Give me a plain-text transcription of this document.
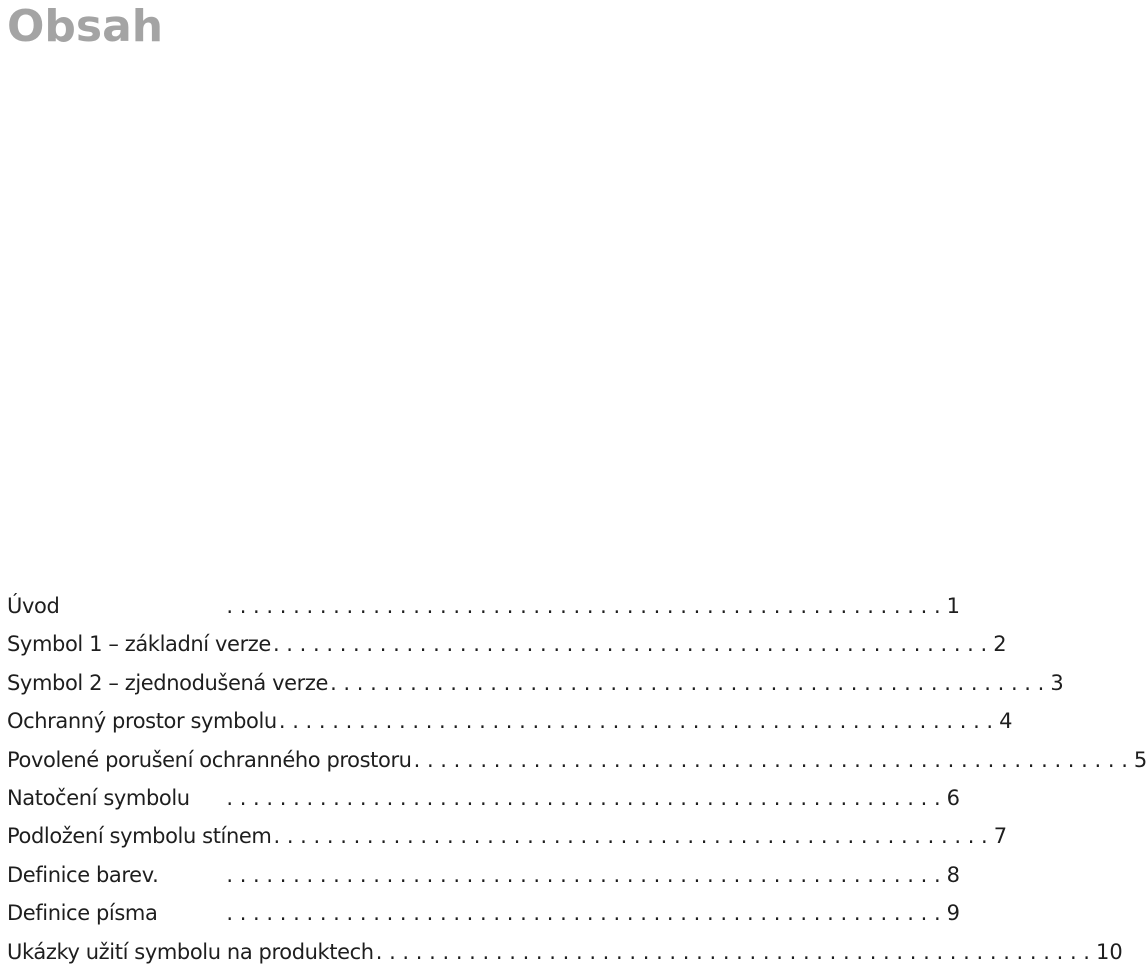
Obsah
Úvod	. . . . . . . . . . . . . . . . . . . . . . . . . . . . . . . . . . . . . . . . . . . . . . . . . . . . . . 1
Symbol 1 – základní verze . . . . . . . . . . . . . . . . . . . . . . . . . . . . . . . . . . . . . . . . . . . . . . . . . . . . . . 2
Symbol 2 – zjednodušená verze . . . . . . . . . . . . . . . . . . . . . . . . . . . . . . . . . . . . . . . . . . . . . . . . . . . . . . 3
Ochranný prostor symbolu . . . . . . . . . . . . . . . . . . . . . . . . . . . . . . . . . . . . . . . . . . . . . . . . . . . . . . 4
Povolené porušení ochranného prostoru . . . . . . . . . . . . . . . . . . . . . . . . . . . . . . . . . . . . . . . . . . . . . . . . . . . . . . 5
Natočení symbolu	. . . . . . . . . . . . . . . . . . . . . . . . . . . . . . . . . . . . . . . . . . . . . . . . . . . . . . 6
Podložení symbolu stínem . . . . . . . . . . . . . . . . . . . . . . . . . . . . . . . . . . . . . . . . . . . . . . . . . . . . . . 7
Definice barev.	. . . . . . . . . . . . . . . . . . . . . . . . . . . . . . . . . . . . . . . . . . . . . . . . . . . . . . 8
Definice písma	. . . . . . . . . . . . . . . . . . . . . . . . . . . . . . . . . . . . . . . . . . . . . . . . . . . . . . 9
Ukázky užití symbolu na produktech . . . . . . . . . . . . . . . . . . . . . . . . . . . . . . . . . . . . . . . . . . . . . . . . . . . . . . 10
